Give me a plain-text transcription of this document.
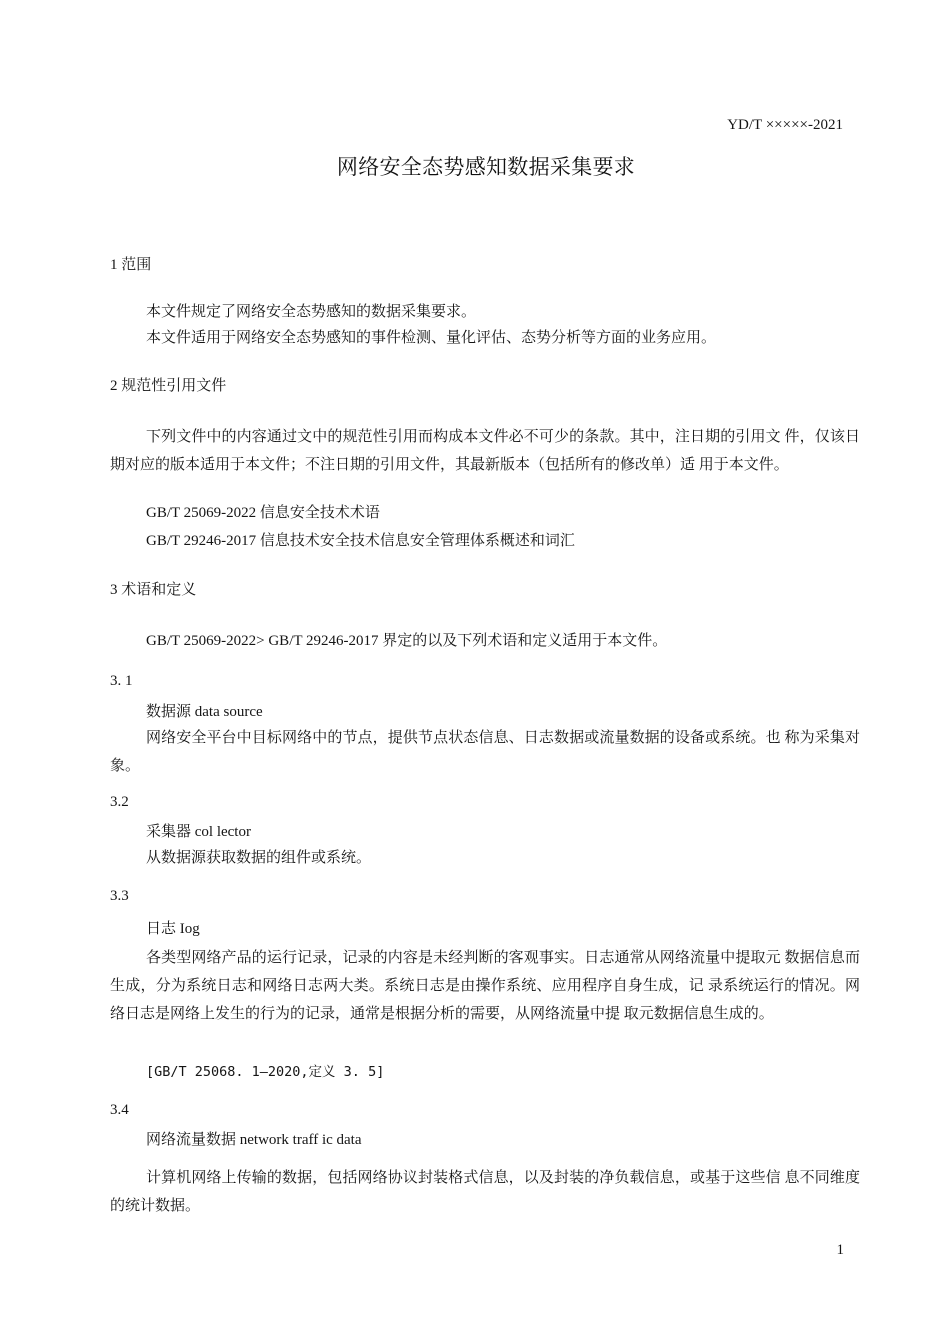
YD/T ×××××-2021
网络安全态势感知数据采集要求
1 范围
本文件规定了网络安全态势感知的数据采集要求。
本文件适用于网络安全态势感知的事件检测、量化评估、态势分析等方面的业务应用。
2 规范性引用文件
下列文件中的内容通过文中的规范性引用而构成本文件必不可少的条款。其中，注日期的引用文 件，仅该日期对应的版本适用于本文件；不注日期的引用文件，其最新版本（包括所有的修改单）适 用于本文件。
GB/T 25069-2022 信息安全技术术语
GB/T 29246-2017 信息技术安全技术信息安全管理体系概述和词汇
3 术语和定义
GB/T 25069-2022> GB/T 29246-2017 界定的以及下列术语和定义适用于本文件。
3. 1
数据源 data source
网络安全平台中目标网络中的节点，提供节点状态信息、日志数据或流量数据的设备或系统。也 称为采集对象。
3.2
采集器 col lector
从数据源获取数据的组件或系统。
3.3
日志 Iog
各类型网络产品的运行记录，记录的内容是未经判断的客观事实。日志通常从网络流量中提取元 数据信息而生成，分为系统日志和网络日志两大类。系统日志是由操作系统、应用程序自身生成，记 录系统运行的情况。网络日志是网络上发生的行为的记录，通常是根据分析的需要，从网络流量中提 取元数据信息生成的。
[GB/T 25068. 1—2020,定义 3. 5]
3.4
网络流量数据 network traff ic data
计算机网络上传输的数据，包括网络协议封装格式信息，以及封装的净负载信息，或基于这些信 息不同维度的统计数据。
1
